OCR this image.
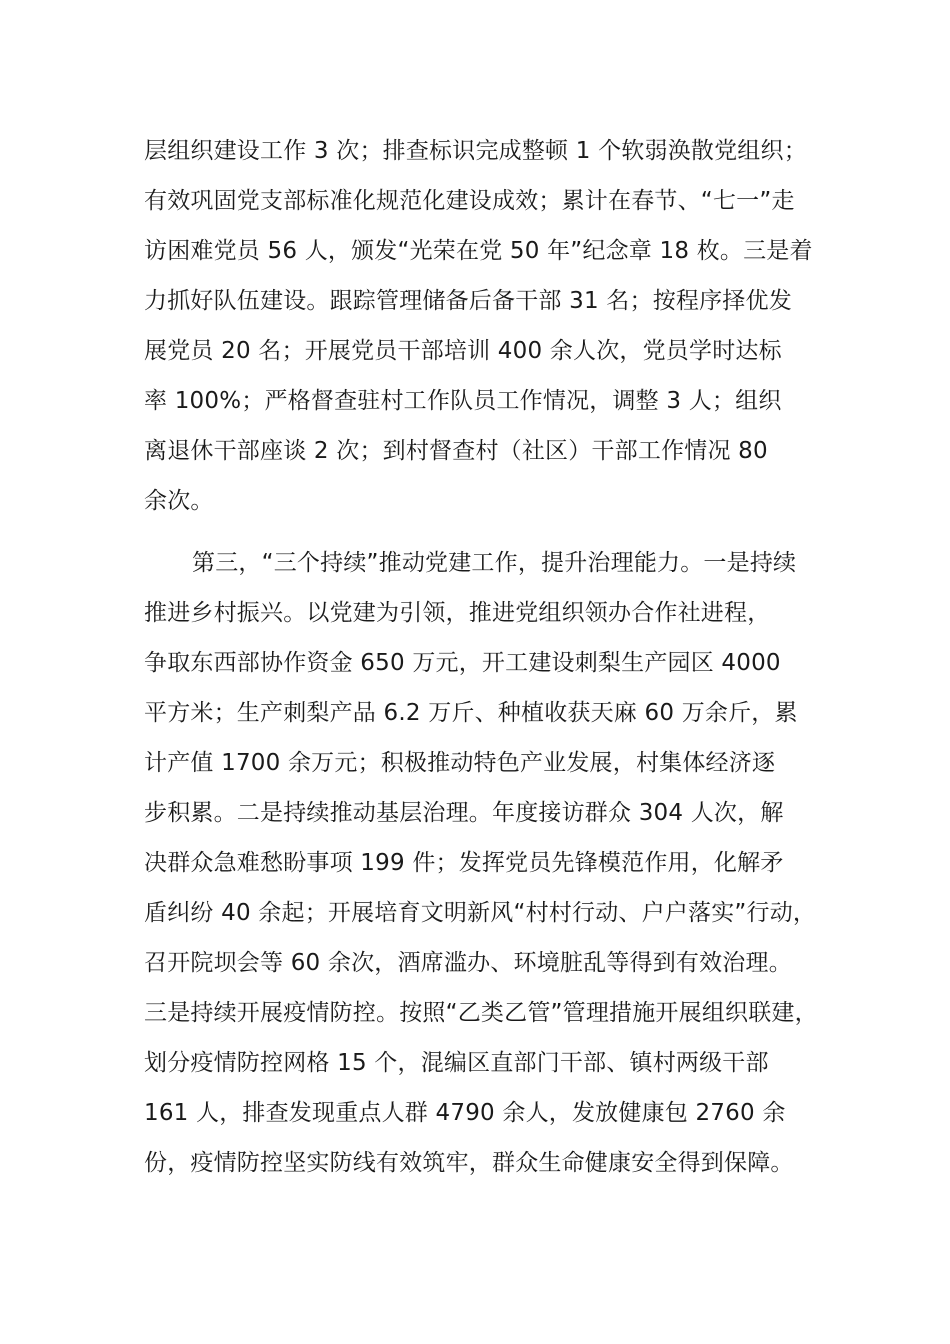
层组织建设工作 3 次；排查标识完成整顿 1 个软弱涣散党组织；
有效巩固党支部标准化规范化建设成效；累计在春节、“七一”走
访困难党员 56 人，颁发“光荣在党 50 年”纪念章 18 枚。三是着
力抓好队伍建设。跟踪管理储备后备干部 31 名；按程序择优发
展党员 20 名；开展党员干部培训 400 余人次，党员学时达标
率 100%；严格督查驻村工作队员工作情况，调整 3 人；组织
离退休干部座谈 2 次；到村督查村（社区）干部工作情况 80
余次。
第三，“三个持续”推动党建工作，提升治理能力。一是持续
推进乡村振兴。以党建为引领，推进党组织领办合作社进程，
争取东西部协作资金 650 万元，开工建设刺梨生产园区 4000
平方米；生产刺梨产品 6.2 万斤、种植收获天麻 60 万余斤，累
计产值 1700 余万元；积极推动特色产业发展，村集体经济逐
步积累。二是持续推动基层治理。年度接访群众 304 人次，解
决群众急难愁盼事项 199 件；发挥党员先锋模范作用，化解矛
盾纠纷 40 余起；开展培育文明新风“村村行动、户户落实”行动，
召开院坝会等 60 余次，酒席滥办、环境脏乱等得到有效治理。
三是持续开展疫情防控。按照“乙类乙管”管理措施开展组织联建，
划分疫情防控网格 15 个，混编区直部门干部、镇村两级干部
161 人，排查发现重点人群 4790 余人，发放健康包 2760 余
份，疫情防控坚实防线有效筑牢，群众生命健康安全得到保障。
